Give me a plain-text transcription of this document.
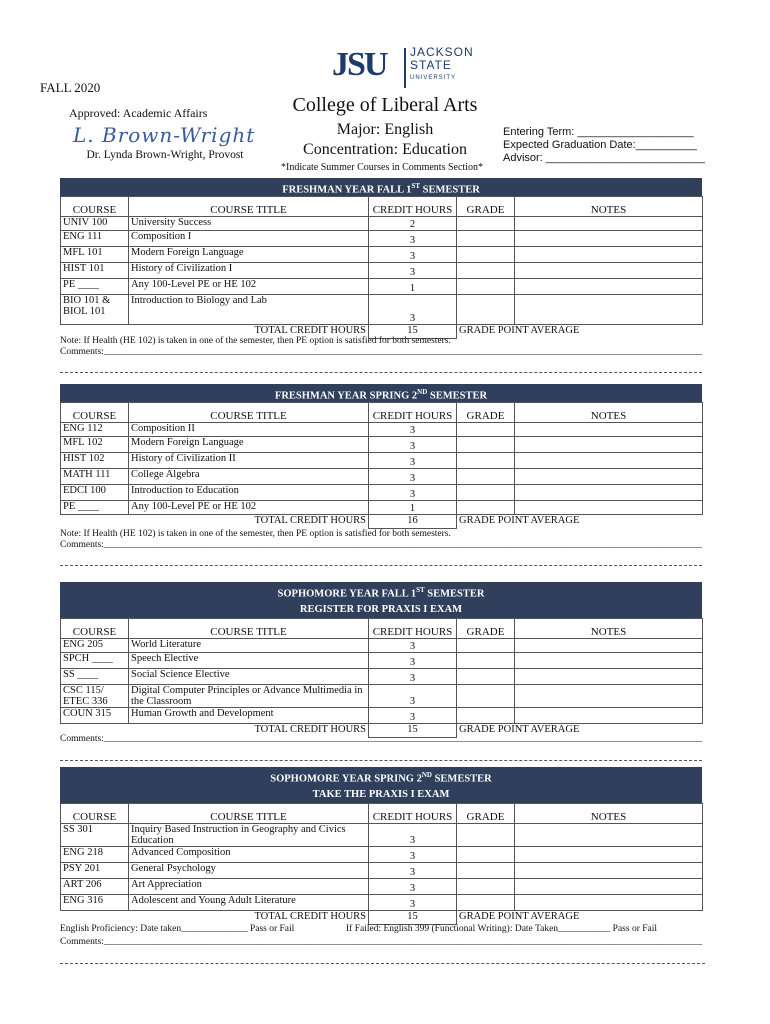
FALL 2020
Approved: Academic Affairs
L. Brown-Wright
Dr. Lynda Brown-Wright, Provost
JSU JACKSON
STATE
UNIVERSITY
College of Liberal Arts
Major: English
Concentration: Education
*Indicate Summer Courses in Comments Section*
Entering Term: ___________________
Expected Graduation Date:__________
Advisor: __________________________
FRESHMAN YEAR FALL 1ST SEMESTER
COURSE	COURSE TITLE	CREDIT HOURS	GRADE	NOTES
UNIV 100	University Success	2		
ENG 111	Composition I	3		
MFL 101	Modern Foreign Language	3		
HIST 101	History of Civilization I	3		
PE ____	Any 100-Level PE or HE 102	1		
BIO 101 & BIOL 101	Introduction to Biology and Lab	3		
TOTAL CREDIT HOURS		15	GRADE POINT AVERAGE	
Note: If Health (HE 102) is taken in one of the semester, then PE option is satisfied for both semesters.
Comments:______________________________________________________________________________________________________________________________
FRESHMAN YEAR SPRING 2ND SEMESTER
COURSE	COURSE TITLE	CREDIT HOURS	GRADE	NOTES
ENG 112	Composition II	3		
MFL 102	Modern Foreign Language	3		
HIST 102	History of Civilization II	3		
MATH 111	College Algebra	3		
EDCI 100	Introduction to Education	3		
PE ____	Any 100-Level PE or HE 102	1		
TOTAL CREDIT HOURS		16	GRADE POINT AVERAGE	
Note: If Health (HE 102) is taken in one of the semester, then PE option is satisfied for both semesters.
Comments:______________________________________________________________________________________________________________________________
SOPHOMORE YEAR FALL 1ST SEMESTER
REGISTER FOR PRAXIS I EXAM
COURSE	COURSE TITLE	CREDIT HOURS	GRADE	NOTES
ENG 205	World Literature	3		
SPCH ____	Speech Elective	3		
SS ____	Social Science Elective	3		
CSC 115/ ETEC 336	Digital Computer Principles or Advance Multimedia in the Classroom	3		
COUN 315	Human Growth and Development	3		
TOTAL CREDIT HOURS		15	GRADE POINT AVERAGE	
Comments:______________________________________________________________________________________________________________________________
SOPHOMORE YEAR SPRING 2ND SEMESTER
TAKE THE PRAXIS I EXAM
COURSE	COURSE TITLE	CREDIT HOURS	GRADE	NOTES
SS 301	Inquiry Based Instruction in Geography and Civics Education	3		
ENG 218	Advanced Composition	3		
PSY 201	General Psychology	3		
ART 206	Art Appreciation	3		
ENG 316	Adolescent and Young Adult Literature	3		
TOTAL CREDIT HOURS		15	GRADE POINT AVERAGE	
English Proficiency: Date taken______________ Pass or Fail	If Failed: English 399 (Functional Writing): Date Taken___________ Pass or Fail
Comments:______________________________________________________________________________________________________________________________
